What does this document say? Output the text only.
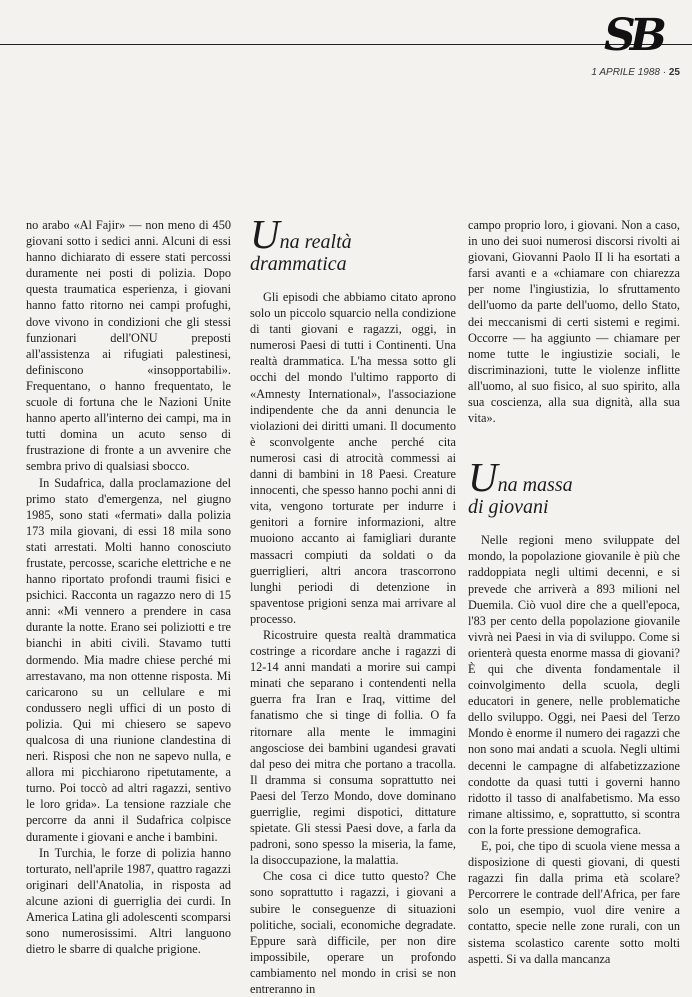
SB
1 APRILE 1988 · 25

no arabo «Al Fajir» — non meno di 450 giovani sotto i sedici anni. Alcuni di essi hanno dichiarato di essere stati percossi duramente nei posti di polizia. Dopo questa traumatica esperienza, i giovani hanno fatto ritorno nei campi profughi, dove vivono in condizioni che gli stessi funzionari dell'ONU preposti all'assistenza ai rifugiati palestinesi, definiscono «insopportabili». Frequentano, o hanno frequentato, le scuole di fortuna che le Nazioni Unite hanno aperto all'interno dei campi, ma in tutti domina un acuto senso di frustrazione di fronte a un avvenire che sembra privo di qualsiasi sbocco.

In Sudafrica, dalla proclamazione del primo stato d'emergenza, nel giugno 1985, sono stati «fermati» dalla polizia 173 mila giovani, di essi 18 mila sono stati arrestati. Molti hanno conosciuto frustate, percosse, scariche elettriche e ne hanno riportato profondi traumi fisici e psichici. Racconta un ragazzo nero di 15 anni: «Mi vennero a prendere in casa durante la notte. Erano sei poliziotti e tre bianchi in abiti civili. Stavamo tutti dormendo. Mia madre chiese perché mi arrestavano, ma non ottenne risposta. Mi caricarono su un cellulare e mi condussero negli uffici di un posto di polizia. Qui mi chiesero se sapevo qualcosa di una riunione clandestina di neri. Risposi che non ne sapevo nulla, e allora mi picchiarono ripetutamente, a turno. Poi toccò ad altri ragazzi, sentivo le loro grida». La tensione razziale che percorre da anni il Sudafrica colpisce duramente i giovani e anche i bambini.

In Turchia, le forze di polizia hanno torturato, nell'aprile 1987, quattro ragazzi originari dell'Anatolia, in risposta ad alcune azioni di guerriglia dei curdi. In America Latina gli adolescenti scomparsi sono numerosissimi. Altri languono dietro le sbarre di qualche prigione.

Una realtà
drammatica

Gli episodi che abbiamo citato aprono solo un piccolo squarcio nella condizione di tanti giovani e ragazzi, oggi, in numerosi Paesi di tutti i Continenti. Una realtà drammatica. L'ha messa sotto gli occhi del mondo l'ultimo rapporto di «Amnesty International», l'associazione indipendente che da anni denuncia le violazioni dei diritti umani. Il documento è sconvolgente anche perché cita numerosi casi di atrocità commessi ai danni di bambini in 18 Paesi. Creature innocenti, che spesso hanno pochi anni di vita, vengono torturate per indurre i genitori a fornire informazioni, altre muoiono accanto ai famigliari durante massacri compiuti da soldati o da guerriglieri, altri ancora trascorrono lunghi periodi di detenzione in spaventose prigioni senza mai arrivare al processo.

Ricostruire questa realtà drammatica costringe a ricordare anche i ragazzi di 12-14 anni mandati a morire sui campi minati che separano i contendenti nella guerra fra Iran e Iraq, vittime del fanatismo che si tinge di follia. O fa ritornare alla mente le immagini angosciose dei bambini ugandesi gravati dal peso dei mitra che portano a tracolla. Il dramma si consuma soprattutto nei Paesi del Terzo Mondo, dove dominano guerriglie, regimi dispotici, dittature spietate. Gli stessi Paesi dove, a farla da padroni, sono spesso la miseria, la fame, la disoccupazione, la malattia.

Che cosa ci dice tutto questo? Che sono soprattutto i ragazzi, i giovani a subire le conseguenze di situazioni politiche, sociali, economiche degradate. Eppure sarà difficile, per non dire impossibile, operare un profondo cambiamento nel mondo in crisi se non entreranno in

campo proprio loro, i giovani. Non a caso, in uno dei suoi numerosi discorsi rivolti ai giovani, Giovanni Paolo II li ha esortati a farsi avanti e a «chiamare con chiarezza per nome l'ingiustizia, lo sfruttamento dell'uomo da parte dell'uomo, dello Stato, dei meccanismi di certi sistemi e regimi. Occorre — ha aggiunto — chiamare per nome tutte le ingiustizie sociali, le discriminazioni, tutte le violenze inflitte all'uomo, al suo fisico, al suo spirito, alla sua coscienza, alla sua dignità, alla sua vita».

Una massa
di giovani

Nelle regioni meno sviluppate del mondo, la popolazione giovanile è più che raddoppiata negli ultimi decenni, e si prevede che arriverà a 893 milioni nel Duemila. Ciò vuol dire che a quell'epoca, l'83 per cento della popolazione giovanile vivrà nei Paesi in via di sviluppo. Come si orienterà questa enorme massa di giovani? È qui che diventa fondamentale il coinvolgimento della scuola, degli educatori in genere, nelle problematiche dello sviluppo. Oggi, nei Paesi del Terzo Mondo è enorme il numero dei ragazzi che non sono mai andati a scuola. Negli ultimi decenni le campagne di alfabetizzazione condotte da quasi tutti i governi hanno ridotto il tasso di analfabetismo. Ma esso rimane altissimo, e, soprattutto, si scontra con la forte pressione demografica.

E, poi, che tipo di scuola viene messa a disposizione di questi giovani, di questi ragazzi fin dalla prima età scolare? Percorrere le contrade dell'Africa, per fare solo un esempio, vuol dire venire a contatto, specie nelle zone rurali, con un sistema scolastico carente sotto molti aspetti. Si va dalla mancanza
